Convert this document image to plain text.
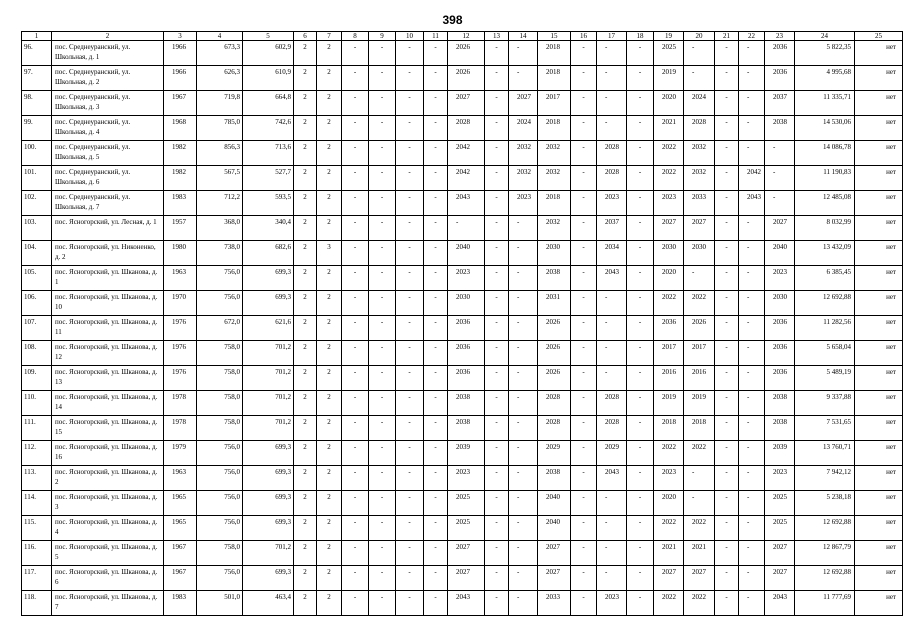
398
1	2	3	4	5	6	7	8	9	10	11	12	13	14	15	16	17	18	19	20	21	22	23	24	25
96.	пос. Среднеуранский, ул. Школьная, д. 1	1966	673,3	602,9	2	2	-	-	-	-	2026	-	-	2018	-	-	-	2025	-	-	-	2036	5 822,35	нет
97.	пос. Среднеуранский, ул. Школьная, д. 2	1966	626,3	610,9	2	2	-	-	-	-	2026	-	-	2018	-	-	-	2019	-	-	-	2036	4 995,68	нет
98.	пос. Среднеуранский, ул. Школьная, д. 3	1967	719,8	664,8	2	2	-	-	-	-	2027	-	2027	2017	-	-	-	2020	2024	-	-	2037	11 335,71	нет
99.	пос. Среднеуранский, ул. Школьная, д. 4	1968	785,0	742,6	2	2	-	-	-	-	2028	-	2024	2018	-	-	-	2021	2028	-	-	2038	14 530,06	нет
100.	пос. Среднеуранский, ул. Школьная, д. 5	1982	856,3	713,6	2	2	-	-	-	-	2042	-	2032	2032	-	2028	-	2022	2032	-	-	-	14 086,78	нет
101.	пос. Среднеуранский, ул. Школьная, д. 6	1982	567,5	527,7	2	2	-	-	-	-	2042	-	2032	2032	-	2028	-	2022	2032	-	2042	-	11 190,83	нет
102.	пос. Среднеуранский, ул. Школьная, д. 7	1983	712,2	593,5	2	2	-	-	-	-	2043	-	2023	2018	-	2023	-	2023	2033	-	2043	-	12 485,08	нет
103.	пос. Ясногорский, ул. Лесная, д. 1	1957	368,0	340,4	2	2	-	-	-	-	-	-	-	2032	-	2037	-	2027	2027	-	-	2027	8 032,99	нет
104.	пос. Ясногорский, ул. Никоненко, д. 2	1980	738,0	682,6	2	3	-	-	-	-	2040	-	-	2030	-	2034	-	2030	2030	-	-	2040	13 432,09	нет
105.	пос. Ясногорский, ул. Шканова, д. 1	1963	756,0	699,3	2	2	-	-	-	-	2023	-	-	2038	-	2043	-	2020	-	-	-	2023	6 385,45	нет
106.	пос. Ясногорский, ул. Шканова, д. 10	1970	756,0	699,3	2	2	-	-	-	-	2030	-	-	2031	-	-	-	2022	2022	-	-	2030	12 692,88	нет
107.	пос. Ясногорский, ул. Шканова, д. 11	1976	672,0	621,6	2	2	-	-	-	-	2036	-	-	2026	-	-	-	2036	2026	-	-	2036	11 282,56	нет
108.	пос. Ясногорский, ул. Шканова, д. 12	1976	758,0	701,2	2	2	-	-	-	-	2036	-	-	2026	-	-	-	2017	2017	-	-	2036	5 658,04	нет
109.	пос. Ясногорский, ул. Шканова, д. 13	1976	758,0	701,2	2	2	-	-	-	-	2036	-	-	2026	-	-	-	2016	2016	-	-	2036	5 489,19	нет
110.	пос. Ясногорский, ул. Шканова, д. 14	1978	758,0	701,2	2	2	-	-	-	-	2038	-	-	2028	-	2028	-	2019	2019	-	-	2038	9 337,88	нет
111.	пос. Ясногорский, ул. Шканова, д. 15	1978	758,0	701,2	2	2	-	-	-	-	2038	-	-	2028	-	2028	-	2018	2018	-	-	2038	7 531,65	нет
112.	пос. Ясногорский, ул. Шканова, д. 16	1979	756,0	699,3	2	2	-	-	-	-	2039	-	-	2029	-	2029	-	2022	2022	-	-	2039	13 760,71	нет
113.	пос. Ясногорский, ул. Шканова, д. 2	1963	756,0	699,3	2	2	-	-	-	-	2023	-	-	2038	-	2043	-	2023	-	-	-	2023	7 942,12	нет
114.	пос. Ясногорский, ул. Шканова, д. 3	1965	756,0	699,3	2	2	-	-	-	-	2025	-	-	2040	-	-	-	2020	-	-	-	2025	5 238,18	нет
115.	пос. Ясногорский, ул. Шканова, д. 4	1965	756,0	699,3	2	2	-	-	-	-	2025	-	-	2040	-	-	-	2022	2022	-	-	2025	12 692,88	нет
116.	пос. Ясногорский, ул. Шканова, д. 5	1967	758,0	701,2	2	2	-	-	-	-	2027	-	-	2027	-	-	-	2021	2021	-	-	2027	12 867,79	нет
117.	пос. Ясногорский, ул. Шканова, д. 6	1967	756,0	699,3	2	2	-	-	-	-	2027	-	-	2027	-	-	-	2027	2027	-	-	2027	12 692,88	нет
118.	пос. Ясногорский, ул. Шканова, д. 7	1983	501,0	463,4	2	2	-	-	-	-	2043	-	-	2033	-	2023	-	2022	2022	-	-	2043	11 777,69	нет
